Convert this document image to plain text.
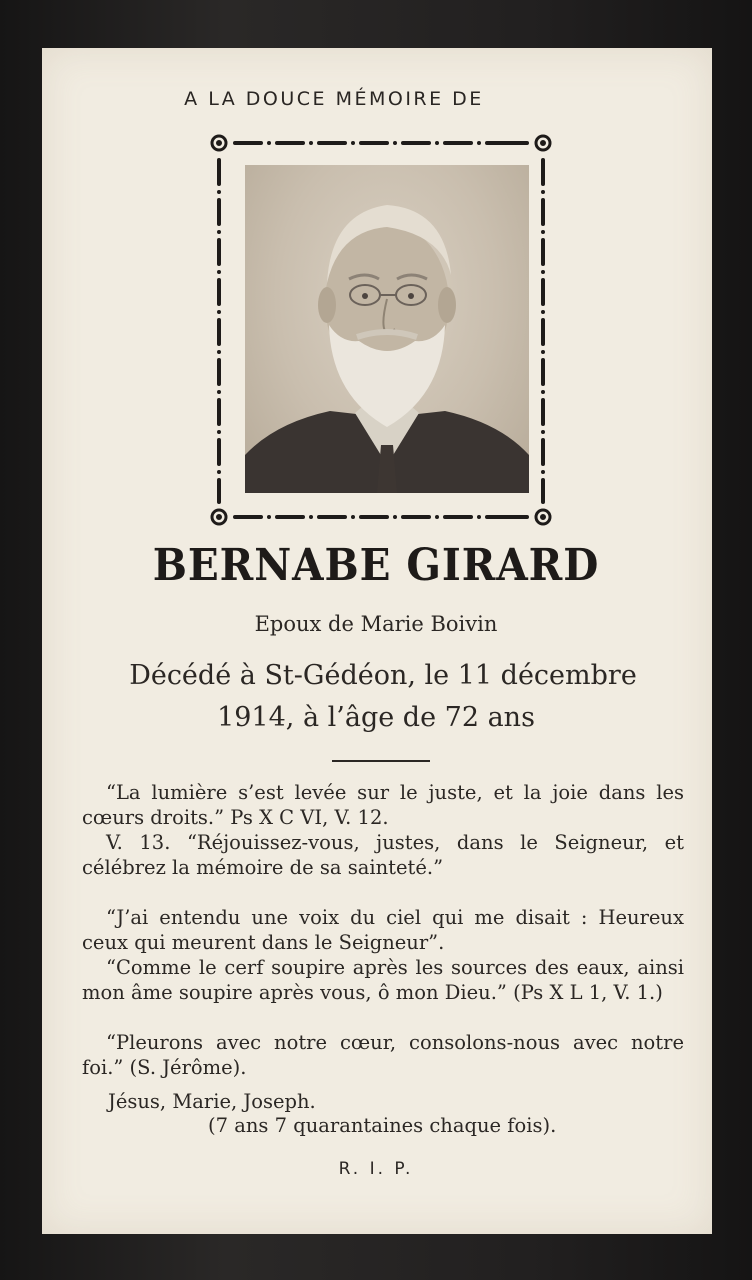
A LA DOUCE MÉMOIRE DE
BERNABE GIRARD
Epoux de Marie Boivin
Décédé à St-Gédéon, le 11 décembre
1914, à l’âge de 72 ans

“La lumière s’est levée sur le juste, et la joie dans les cœurs droits.” Ps X C VI, V. 12.

V. 13. “Réjouissez-vous, justes, dans le Seigneur, et célébrez la mémoire de sa sainteté.”

“J’ai entendu une voix du ciel qui me disait : Heureux ceux qui meurent dans le Seigneur”.

“Comme le cerf soupire après les sources des eaux, ainsi mon âme soupire après vous, ô mon Dieu.” (Ps X L 1, V. 1.)

“Pleurons avec notre cœur, consolons-nous avec notre foi.” (S. Jérôme).

Jésus, Marie, Joseph.
(7 ans 7 quarantaines chaque fois).
R. I. P.
